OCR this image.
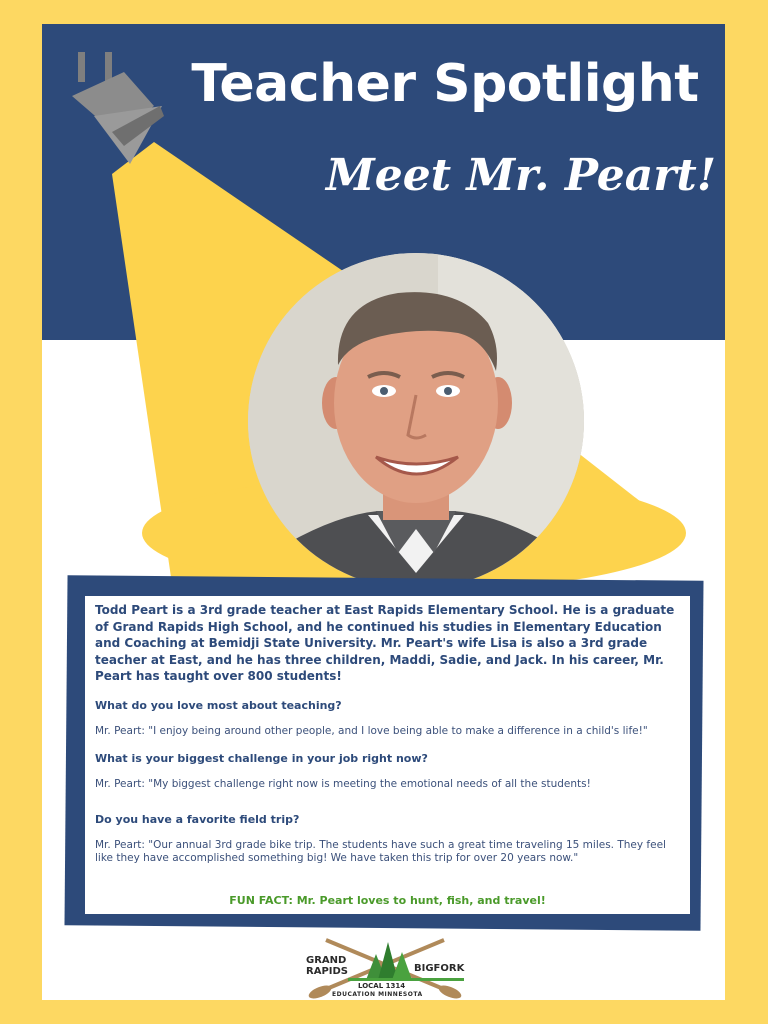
Teacher Spotlight
Meet Mr. Peart!

Todd Peart is a 3rd grade teacher at East Rapids Elementary School. He is a graduate of Grand Rapids High School, and he continued his studies in Elementary Education and Coaching at Bemidji State University. Mr. Peart's wife Lisa is also a 3rd grade teacher at East, and he has three children, Maddi, Sadie, and Jack. In his career, Mr. Peart has taught over 800 students!

What do you love most about teaching?

Mr. Peart: "I enjoy being around other people, and I love being able to make a difference in a child's life!"

What is your biggest challenge in your job right now?

Mr. Peart: "My biggest challenge right now is meeting the emotional needs of all the students!

Do you have a favorite field trip?

Mr. Peart: "Our annual 3rd grade bike trip. The students have such a great time traveling 15 miles. They feel like they have accomplished something big! We have taken this trip for over 20 years now."

FUN FACT: Mr. Peart loves to hunt, fish, and travel!
GRAND
RAPIDS	BIGFORK
LOCAL 1314
EDUCATION MINNESOTA
